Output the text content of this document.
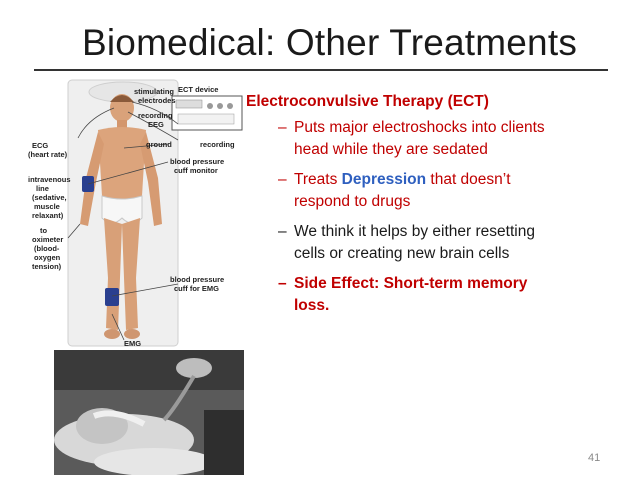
Biomedical: Other Treatments
stimulating
electrodes
ECT device
recording
EEG
ground	recording
ECG
(heart rate)
blood pressure
cuff monitor
intravenous
line
(sedative,
muscle
relaxant)
to
oximeter
(blood-
oxygen
tension)
blood pressure
cuff for EMG
EMG
Electroconvulsive Therapy (ECT)
– Puts major electroshocks into clients
head while they are sedated
– Treats Depression that doesn’t
respond to drugs
– We think it helps by either resetting
cells or creating new brain cells
– Side Effect: Short-term memory
loss.
41
